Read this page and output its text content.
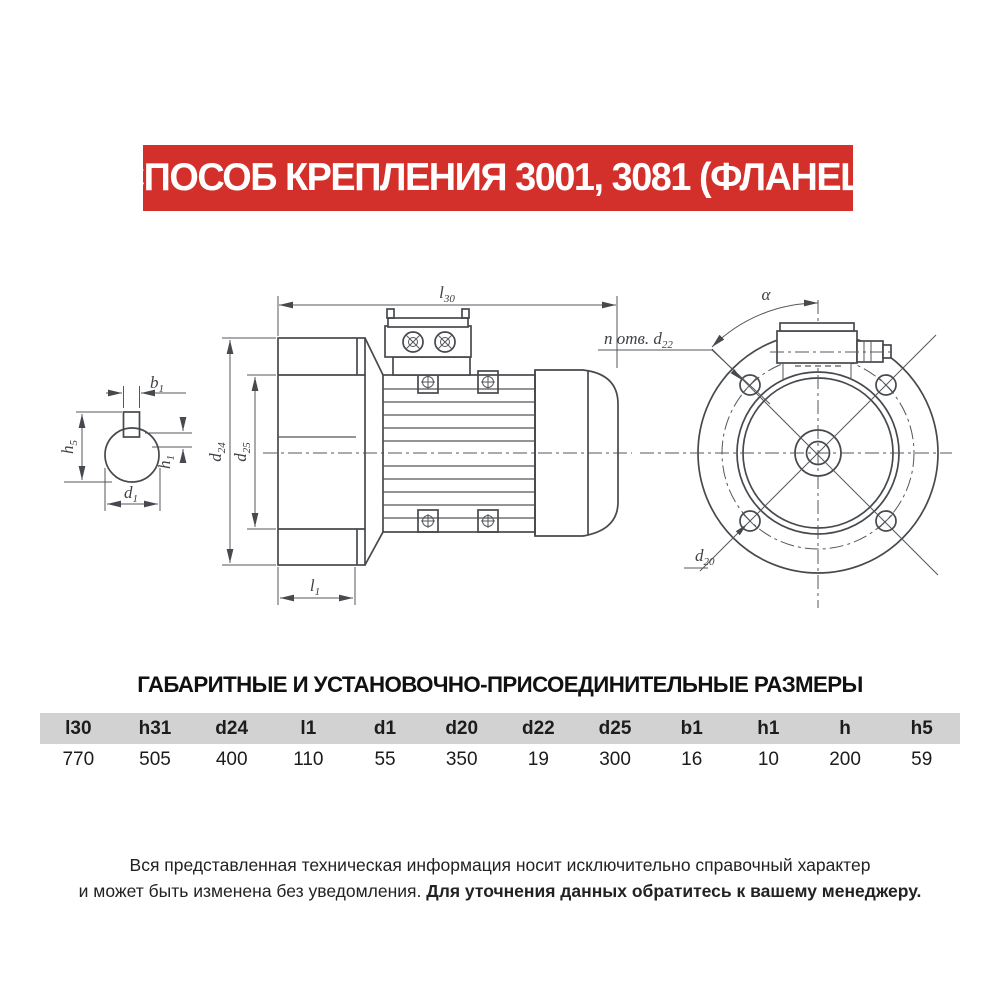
СПОСОБ КРЕПЛЕНИЯ 3001, 3081 (ФЛАНЕЦ)
$b_1$
$h_5$
$h_1$
$d_1$
$l_{30}$
$d_{24}$
$d_{25}$
$l_1$
α
n отв. $d_{22}$
$d_{20}$
ГАБАРИТНЫЕ И УСТАНОВОЧНО-ПРИСОЕДИНИТЕЛЬНЫЕ РАЗМЕРЫ
l30	h31	d24	l1	d1	d20	d22	d25	b1	h1	h	h5
770	505	400	110	55	350	19	300	16	10	200	59
Вся представленная техническая информация носит исключительно справочный характер
и может быть изменена без уведомления. Для уточнения данных обратитесь к вашему менеджеру.
